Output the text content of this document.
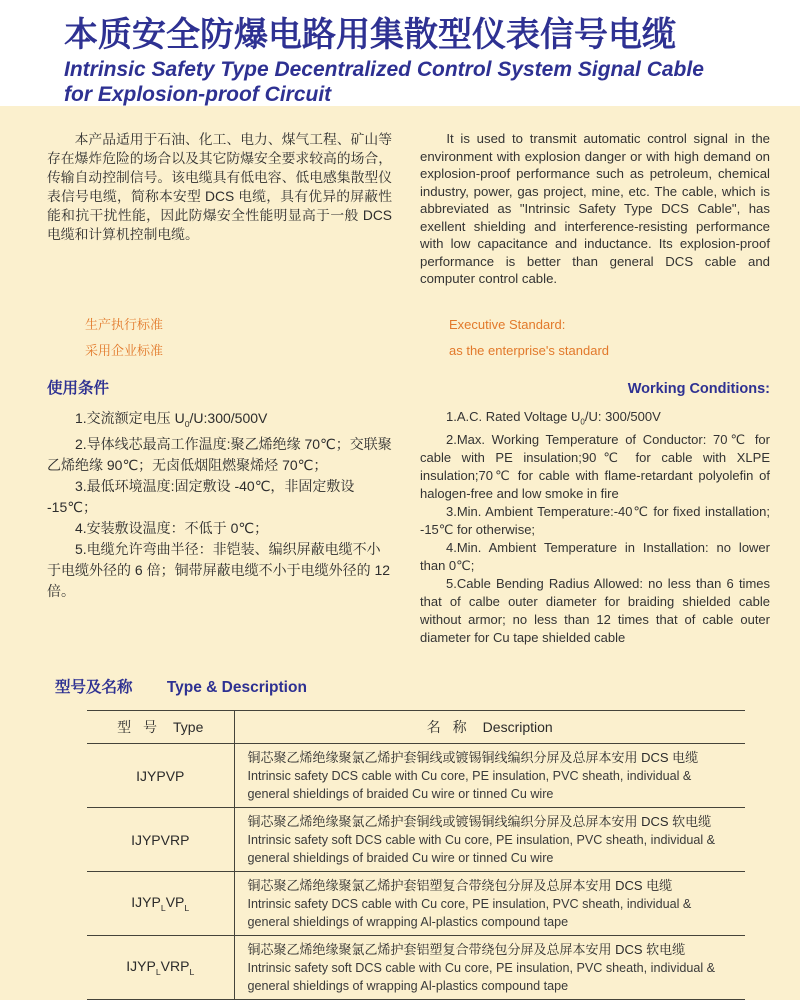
本质安全防爆电路用集散型仪表信号电缆
Intrinsic Safety Type Decentralized Control System Signal Cable
for Explosion-proof Circuit

本产品适用于石油、化工、电力、煤气工程、矿山等存在爆炸危险的场合以及其它防爆安全要求较高的场合，传输自动控制信号。该电缆具有低电容、低电感集散型仪表信号电缆，简称本安型 DCS 电缆，具有优异的屏蔽性能和抗干扰性能，因此防爆安全性能明显高于一般 DCS 电缆和计算机控制电缆。

It is used to transmit automatic control signal in the environment with explosion danger or with high demand on explosion-proof performance such as petroleum, chemical industry, power, gas project, mine, etc. The cable, which is abbreviated as "Intrinsic Safety Type DCS Cable", has exellent shielding and interference-resisting performance with low capacitance and inductance. Its explosion-proof performance is better than general DCS cable and computer control cable.

生产执行标准
采用企业标准
Executive Standard:
as the enterprise's standard
使用条件	Working Conditions:

1.交流额定电压 $U_0/U:300/500V$

2.导体线芯最高工作温度:聚乙烯绝缘 70℃；交联聚乙烯绝缘 90℃；无卤低烟阻燃聚烯烃 70℃；

3.最低环境温度:固定敷设 -40℃，非固定敷设 -15℃；

4.安装敷设温度：不低于 0℃；

5.电缆允许弯曲半径：非铠装、编织屏蔽电缆不小于电缆外径的 6 倍；铜带屏蔽电缆不小于电缆外径的 12 倍。

1.A.C. Rated Voltage $U_0/U$: 300/500V

2.Max. Working Temperature of Conductor: 70℃ for cable with PE insulation;90℃ for cable with XLPE insulation;70℃ for cable with flame-retardant polyolefin of halogen-free and low smoke in fire

3.Min. Ambient Temperature:-40℃ for fixed installation; -15℃ for otherwise;

4.Min. Ambient Temperature in Installation: no lower than 0℃;

5.Cable Bending Radius Allowed: no less than 6 times that of calbe outer diameter for braiding shielded cable without armor; no less than 12 times that of cable outer diameter for Cu tape shielded cable

型号及名称 Type & Description
型 号 Type	名 称 Description
IJYPVP	铜芯聚乙烯绝缘聚氯乙烯护套铜线或镀锡铜线编织分屏及总屏本安用 DCS 电缆
Intrinsic safety DCS cable with Cu core, PE insulation, PVC sheath, individual & general shieldings of braided Cu wire or tinned Cu wire

IJYPVRP	铜芯聚乙烯绝缘聚氯乙烯护套铜线或镀锡铜线编织分屏及总屏本安用 DCS 软电缆
Intrinsic safety soft DCS cable with Cu core, PE insulation, PVC sheath, individual & general shieldings of braided Cu wire or tinned Cu wire

$IJYP_LVP_L$	铜芯聚乙烯绝缘聚氯乙烯护套铝塑复合带绕包分屏及总屏本安用 DCS 电缆
Intrinsic safety DCS cable with Cu core, PE insulation, PVC sheath, individual & general shieldings of wrapping Al-plastics compound tape

$IJYP_LVRP_L$	铜芯聚乙烯绝缘聚氯乙烯护套铝塑复合带绕包分屏及总屏本安用 DCS 软电缆
Intrinsic safety soft DCS cable with Cu core, PE insulation, PVC sheath, individual & general shieldings of wrapping Al-plastics compound tape
